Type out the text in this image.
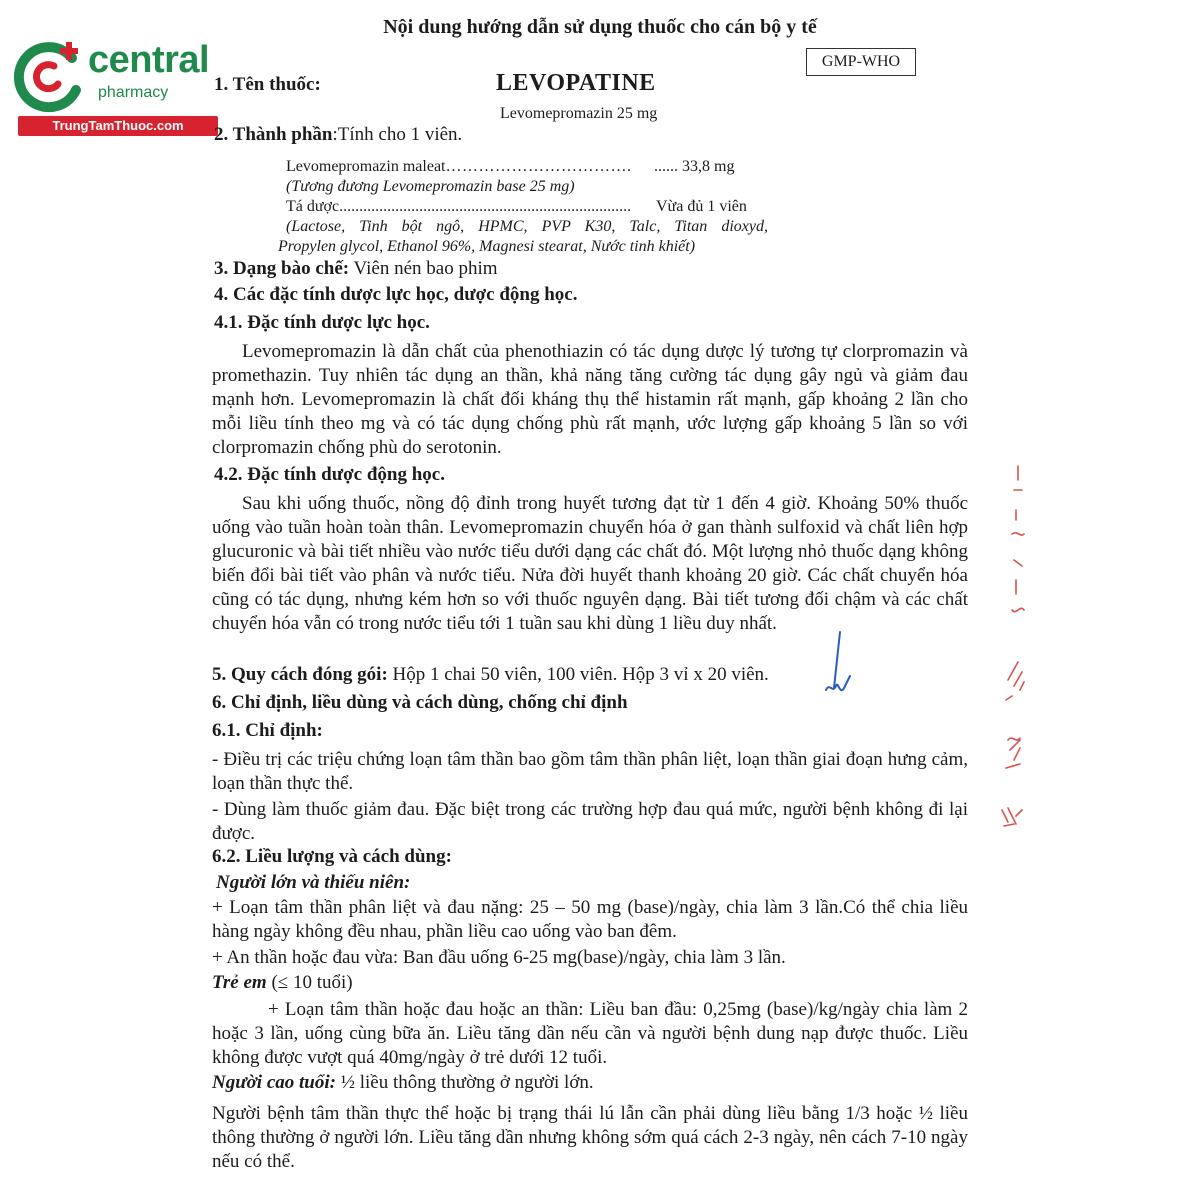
central
pharmacy
TrungTamThuoc.com
Nội dung hướng dẫn sử dụng thuốc cho cán bộ y tế
GMP-WHO
1. Tên thuốc:	LEVOPATINE
Levomepromazin 25 mg
2. Thành phần:Tính cho 1 viên.
Levomepromazin maleat……………………………. ...... 33,8 mg
(Tương đương Levomepromazin base 25 mg)
Tá dược.........................................................................	Vừa đủ 1 viên
(Lactose, Tinh bột ngô, HPMC, PVP K30, Talc, Titan dioxyd,
Propylen glycol, Ethanol 96%, Magnesi stearat, Nước tinh khiết)
3. Dạng bào chế: Viên nén bao phim
4. Các đặc tính dược lực học, dược động học.
4.1. Đặc tính dược lực học.
Levomepromazin là dẫn chất của phenothiazin có tác dụng dược lý tương tự clorpromazin và promethazin. Tuy nhiên tác dụng an thần, khả năng tăng cường tác dụng gây ngủ và giảm đau mạnh hơn. Levomepromazin là chất đối kháng thụ thể histamin rất mạnh, gấp khoảng 2 lần cho mỗi liều tính theo mg và có tác dụng chống phù rất mạnh, ước lượng gấp khoảng 5 lần so với clorpromazin chống phù do serotonin.
4.2. Đặc tính dược động học.
Sau khi uống thuốc, nồng độ đỉnh trong huyết tương đạt từ 1 đến 4 giờ. Khoảng 50% thuốc uống vào tuần hoàn toàn thân. Levomepromazin chuyển hóa ở gan thành sulfoxid và chất liên hợp glucuronic và bài tiết nhiều vào nước tiểu dưới dạng các chất đó. Một lượng nhỏ thuốc dạng không biến đổi bài tiết vào phân và nước tiểu. Nửa đời huyết thanh khoảng 20 giờ. Các chất chuyển hóa cũng có tác dụng, nhưng kém hơn so với thuốc nguyên dạng. Bài tiết tương đối chậm và các chất chuyển hóa vẫn có trong nước tiểu tới 1 tuần sau khi dùng 1 liều duy nhất.
5. Quy cách đóng gói: Hộp 1 chai 50 viên, 100 viên. Hộp 3 vỉ x 20 viên.
6. Chỉ định, liều dùng và cách dùng, chống chỉ định
6.1. Chỉ định:
- Điều trị các triệu chứng loạn tâm thần bao gồm tâm thần phân liệt, loạn thần giai đoạn hưng cảm, loạn thần thực thể.
- Dùng làm thuốc giảm đau. Đặc biệt trong các trường hợp đau quá mức, người bệnh không đi lại được.
6.2. Liều lượng và cách dùng:
Người lớn và thiếu niên:
+ Loạn tâm thần phân liệt và đau nặng: 25 – 50 mg (base)/ngày, chia làm 3 lần.Có thể chia liều hàng ngày không đều nhau, phần liều cao uống vào ban đêm.
+ An thần hoặc đau vừa: Ban đầu uống 6-25 mg(base)/ngày, chia làm 3 lần.
Trẻ em (≤ 10 tuổi)
+ Loạn tâm thần hoặc đau hoặc an thần: Liều ban đầu: 0,25mg (base)/kg/ngày chia làm 2 hoặc 3 lần, uống cùng bữa ăn. Liều tăng dần nếu cần và người bệnh dung nạp được thuốc. Liều không được vượt quá 40mg/ngày ở trẻ dưới 12 tuổi.
Người cao tuổi: ½ liều thông thường ở người lớn.
Người bệnh tâm thần thực thể hoặc bị trạng thái lú lẫn cần phải dùng liều bằng 1/3 hoặc ½ liều thông thường ở người lớn. Liều tăng dần nhưng không sớm quá cách 2-3 ngày, nên cách 7-10 ngày nếu có thể.
